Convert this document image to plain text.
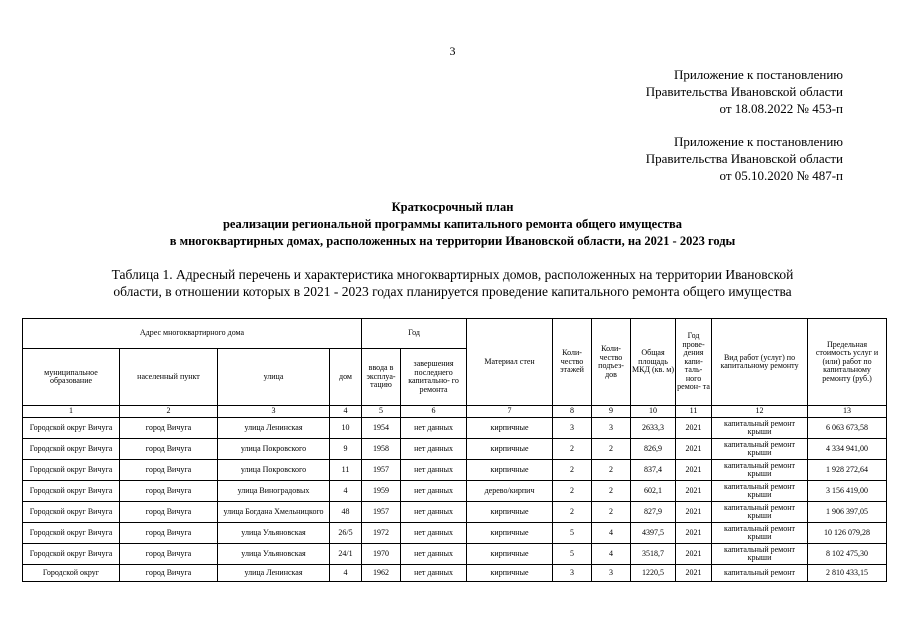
3
Приложение к постановлению
Правительства Ивановской области
от 18.08.2022 № 453-п
Приложение к постановлению
Правительства Ивановской области
от 05.10.2020 № 487-п
Краткосрочный план
реализации региональной программы капитального ремонта общего имущества
в многоквартирных домах, расположенных на территории Ивановской области, на 2021 - 2023 годы
Таблица 1. Адресный перечень и характеристика многоквартирных домов, расположенных на территории Ивановской
области, в отношении которых в 2021 - 2023 годах планируется проведение капитального ремонта общего имущества
Адрес многоквартирного дома				Год		Материал стен	Коли- чество этажей	Коли- чество подъез- дов	Общая площадь МКД (кв. м)	Год прове- дения капи- таль- ного ремон- та	Вид работ (услуг) по капитальному ремонту	Предельная стоимость услуг и (или) работ по капитальному ремонту (руб.)
муниципальное образование	населенный пункт	улица	дом	ввода в эксплуа- тацию	завершения последнего капитально- го ремонта							
1	2	3	4	5	6	7	8	9	10	11	12	13
Городской округ Вичуга	город Вичуга	улица Ленинская	10	1954	нет данных	кирпичные	3	3	2633,3	2021	капитальный ремонт крыши	6 063 673,58
Городской округ Вичуга	город Вичуга	улица Покровского	9	1958	нет данных	кирпичные	2	2	826,9	2021	капитальный ремонт крыши	4 334 941,00
Городской округ Вичуга	город Вичуга	улица Покровского	11	1957	нет данных	кирпичные	2	2	837,4	2021	капитальный ремонт крыши	1 928 272,64
Городской округ Вичуга	город Вичуга	улица Виноградовых	4	1959	нет данных	дерево/кирпич	2	2	602,1	2021	капитальный ремонт крыши	3 156 419,00
Городской округ Вичуга	город Вичуга	улица Богдана Хмельницкого	48	1957	нет данных	кирпичные	2	2	827,9	2021	капитальный ремонт крыши	1 906 397,05
Городской округ Вичуга	город Вичуга	улица Ульяновская	26/5	1972	нет данных	кирпичные	5	4	4397,5	2021	капитальный ремонт крыши	10 126 079,28
Городской округ Вичуга	город Вичуга	улица Ульяновская	24/1	1970	нет данных	кирпичные	5	4	3518,7	2021	капитальный ремонт крыши	8 102 475,30
Городской округ	город Вичуга	улица Ленинская	4	1962	нет данных	кирпичные	3	3	1220,5	2021	капитальный ремонт	2 810 433,15
